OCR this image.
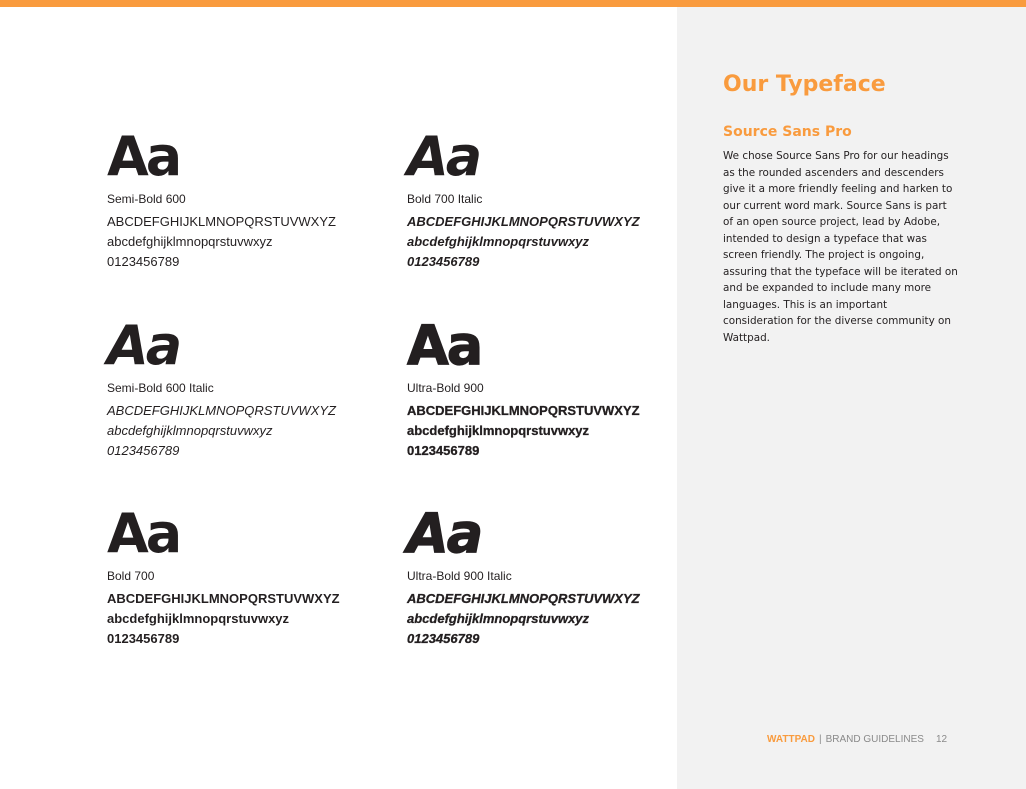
Aa
Semi-Bold 600
ABCDEFGHIJKLMNOPQRSTUVWXYZ
abcdefghijklmnopqrstuvwxyz
0123456789
Aa
Bold 700 Italic
ABCDEFGHIJKLMNOPQRSTUVWXYZ
abcdefghijklmnopqrstuvwxyz
0123456789
Aa
Semi-Bold 600 Italic
ABCDEFGHIJKLMNOPQRSTUVWXYZ
abcdefghijklmnopqrstuvwxyz
0123456789
Aa
Ultra-Bold 900
ABCDEFGHIJKLMNOPQRSTUVWXYZ
abcdefghijklmnopqrstuvwxyz
0123456789
Aa
Bold 700
ABCDEFGHIJKLMNOPQRSTUVWXYZ
abcdefghijklmnopqrstuvwxyz
0123456789
Aa
Ultra-Bold 900 Italic
ABCDEFGHIJKLMNOPQRSTUVWXYZ
abcdefghijklmnopqrstuvwxyz
0123456789
Our Typeface
Source Sans Pro
We chose Source Sans Pro for our headings as the rounded ascenders and descenders give it a more friendly feeling and harken to our current word mark. Source Sans is part of an open source project, lead by Adobe, intended to design a typeface that was screen friendly. The project is ongoing, assuring that the typeface will be iterated on and be expanded to include many more languages. This is an important consideration for the diverse community on Wattpad.
WATTPAD | BRAND GUIDELINES 12
